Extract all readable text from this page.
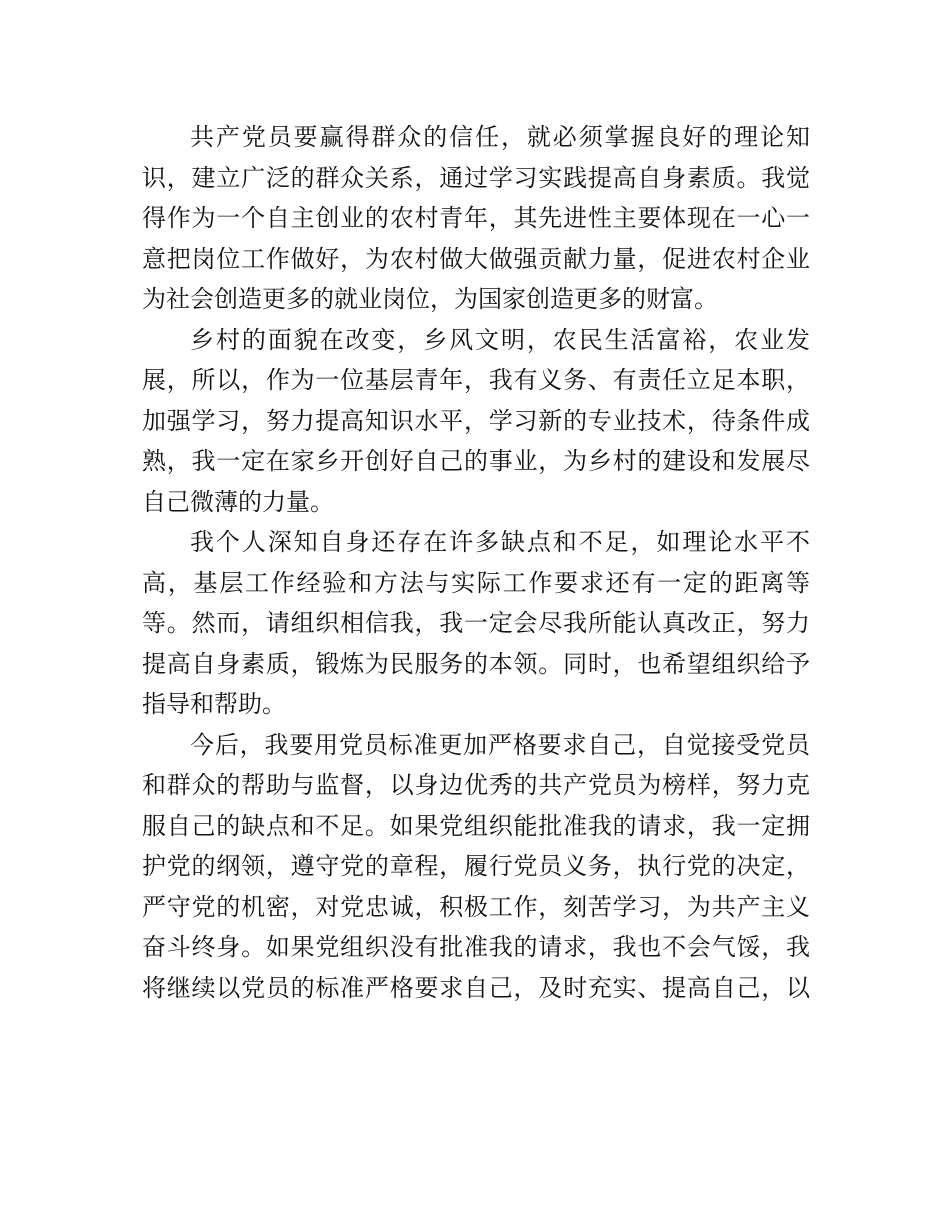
共产党员要赢得群众的信任，就必须掌握良好的理论知
识，建立广泛的群众关系，通过学习实践提高自身素质。我觉
得作为一个自主创业的农村青年，其先进性主要体现在一心一
意把岗位工作做好，为农村做大做强贡献力量，促进农村企业
为社会创造更多的就业岗位，为国家创造更多的财富。
乡村的面貌在改变，乡风文明，农民生活富裕，农业发
展，所以，作为一位基层青年，我有义务、有责任立足本职，
加强学习，努力提高知识水平，学习新的专业技术，待条件成
熟，我一定在家乡开创好自己的事业，为乡村的建设和发展尽
自己微薄的力量。
我个人深知自身还存在许多缺点和不足，如理论水平不
高，基层工作经验和方法与实际工作要求还有一定的距离等
等。然而，请组织相信我，我一定会尽我所能认真改正，努力
提高自身素质，锻炼为民服务的本领。同时，也希望组织给予
指导和帮助。
今后，我要用党员标准更加严格要求自己，自觉接受党员
和群众的帮助与监督，以身边优秀的共产党员为榜样，努力克
服自己的缺点和不足。如果党组织能批准我的请求，我一定拥
护党的纲领，遵守党的章程，履行党员义务，执行党的决定，
严守党的机密，对党忠诚，积极工作，刻苦学习，为共产主义
奋斗终身。如果党组织没有批准我的请求，我也不会气馁，我
将继续以党员的标准严格要求自己，及时充实、提高自己，以
